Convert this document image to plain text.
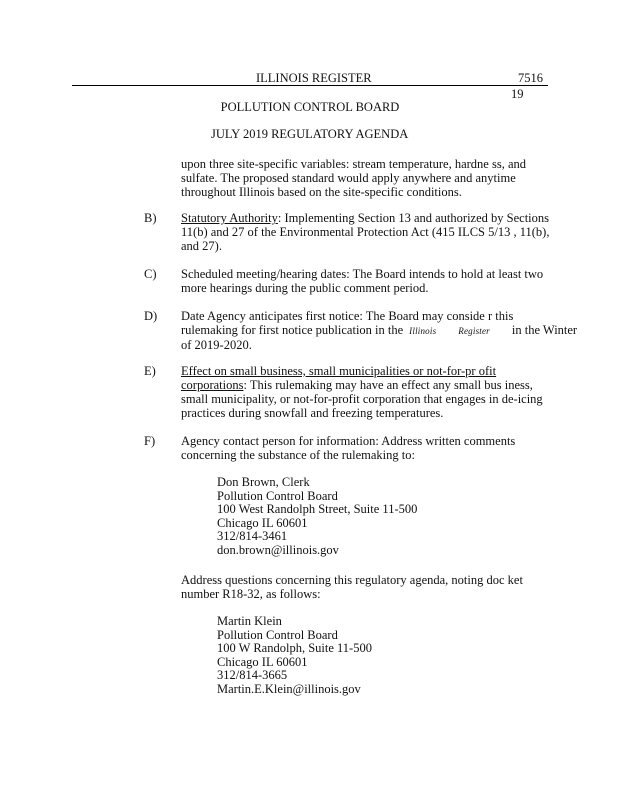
ILLINOIS REGISTER	7516
19
POLLUTION CONTROL BOARD
JULY 2019 REGULATORY AGENDA
upon three site-specific variables: stream temperature, hardne ss, and
sulfate. The proposed standard would apply anywhere and anytime
throughout Illinois based on the site-specific conditions.
B) Statutory Authority: Implementing Section 13 and authorized by Sections
11(b) and 27 of the Environmental Protection Act (415 ILCS 5/13 , 11(b),
and 27).
C) Scheduled meeting/hearing dates: The Board intends to hold at least two
more hearings during the public comment period.
D) Date Agency anticipates first notice: The Board may conside r this
rulemaking for first notice publication in the Illinois Register in the Winter
of 2019-2020.
E) Effect on small business, small municipalities or not-for-pr ofit
corporations: This rulemaking may have an effect any small bus iness,
small municipality, or not-for-profit corporation that engages in de-icing
practices during snowfall and freezing temperatures.
F) Agency contact person for information: Address written comments
concerning the substance of the rulemaking to:
Don Brown, Clerk
Pollution Control Board
100 West Randolph Street, Suite 11-500
Chicago IL 60601
312/814-3461
don.brown@illinois.gov
Address questions concerning this regulatory agenda, noting doc ket
number R18-32, as follows:
Martin Klein
Pollution Control Board
100 W Randolph, Suite 11-500
Chicago IL 60601
312/814-3665
Martin.E.Klein@illinois.gov
